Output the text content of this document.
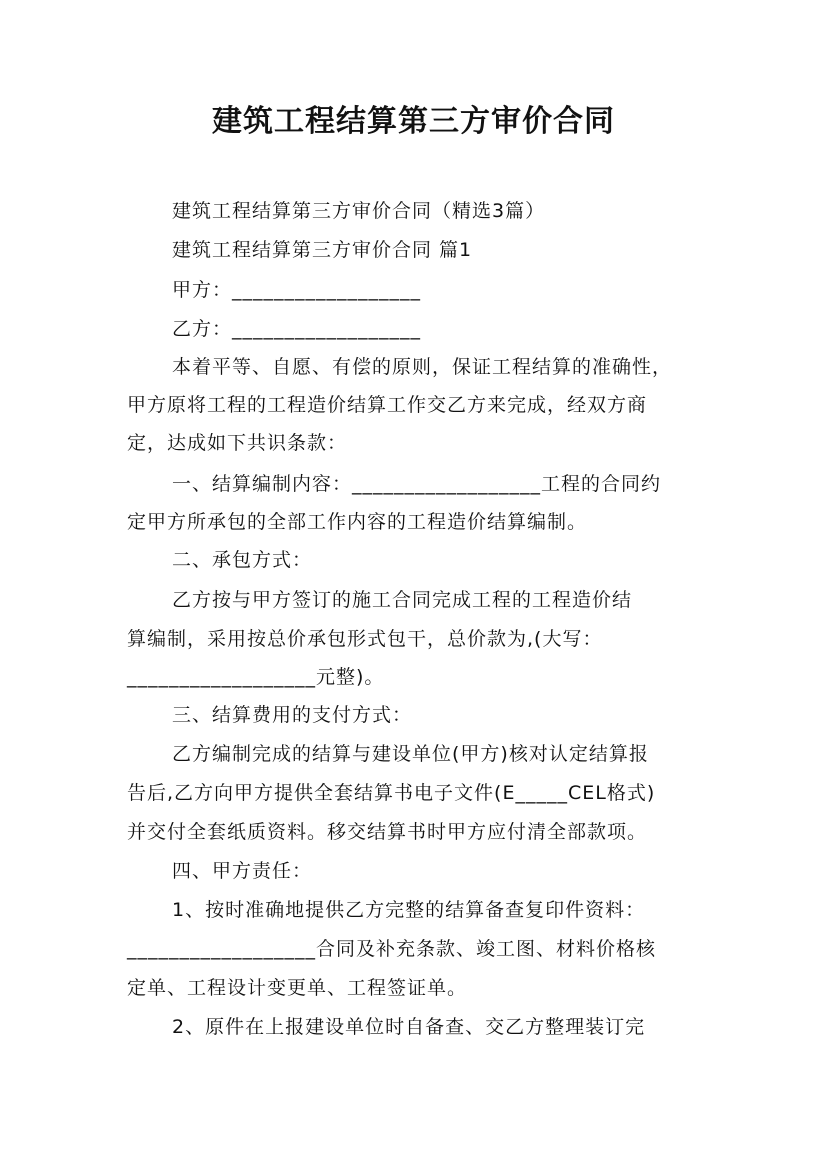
建筑工程结算第三方审价合同
建筑工程结算第三方审价合同（精选3篇）
建筑工程结算第三方审价合同 篇1
甲方：__________________
乙方：__________________
本着平等、自愿、有偿的原则，保证工程结算的准确性，
甲方原将工程的工程造价结算工作交乙方来完成，经双方商
定，达成如下共识条款：
一、结算编制内容：__________________工程的合同约
定甲方所承包的全部工作内容的工程造价结算编制。
二、承包方式：
乙方按与甲方签订的施工合同完成工程的工程造价结
算编制，采用按总价承包形式包干，总价款为,(大写：
__________________元整)。
三、结算费用的支付方式：
乙方编制完成的结算与建设单位(甲方)核对认定结算报
告后,乙方向甲方提供全套结算书电子文件(E_____CEL格式)
并交付全套纸质资料。移交结算书时甲方应付清全部款项。
四、甲方责任：
1、按时准确地提供乙方完整的结算备查复印件资料：
__________________合同及补充条款、竣工图、材料价格核
定单、工程设计变更单、工程签证单。
2、原件在上报建设单位时自备查、交乙方整理装订完
